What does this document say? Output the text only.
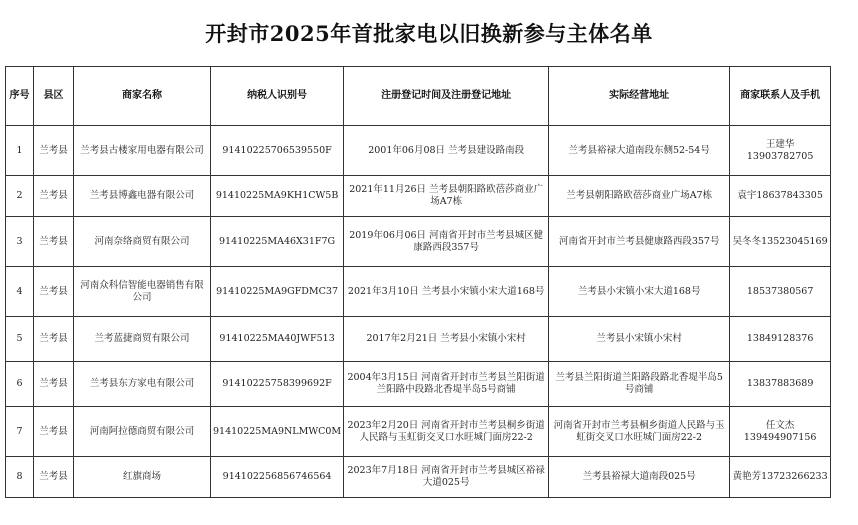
开封市2025年首批家电以旧换新参与主体名单
序号	县区	商家名称	纳税人识别号	注册登记时间及注册登记地址	实际经营地址	商家联系人及手机
1	兰考县	兰考县古楼家用电器有限公司	91410225706539550F	2001年06月08日 兰考县建设路南段	兰考县裕禄大道南段东侧52-54号	王建华 13903782705
2	兰考县	兰考县博鑫电器有限公司	91410225MA9KH1CW5B	2021年11月26日 兰考县朝阳路欧蓓莎商业广场A7栋	兰考县朝阳路欧蓓莎商业广场A7栋	袁宇18637843305
3	兰考县	河南奈络商贸有限公司	91410225MA46X31F7G	2019年06月06日 河南省开封市兰考县城区健康路西段357号	河南省开封市兰考县健康路西段357号	吴冬冬13523045169
4	兰考县	河南众科信智能电器销售有限公司	91410225MA9GFDMC37	2021年3月10日 兰考县小宋镇小宋大道168号	兰考县小宋镇小宋大道168号	18537380567
5	兰考县	兰考蓝捷商贸有限公司	91410225MA40JWF513	2017年2月21日 兰考县小宋镇小宋村	兰考县小宋镇小宋村	13849128376
6	兰考县	兰考县东方家电有限公司	914102257583996​92F	2004年3月15日 河南省开封市兰考县兰阳街道兰阳路中段路北香堤半岛5号商铺	兰考县兰阳街道兰阳路段路北香堤半岛5号商铺	13837883689
7	兰考县	河南阿拉德商贸有限公司	91410225MA9NLMWC0M	2023年2月20日 河南省开封市兰考县桐乡街道人民路与玉虹街交叉口水旺城门面房22-2	河南省开封市兰考县桐乡街道人民路与玉虹街交叉口水旺城门面房22-2	任文杰 13949490715​6
8	兰考县	红旗商场	91410225685674656​4	2023年7月18日 河南省开封市兰考县城区裕禄大道025号	兰考县裕禄大道南段025号	黄艳芳13723266233
